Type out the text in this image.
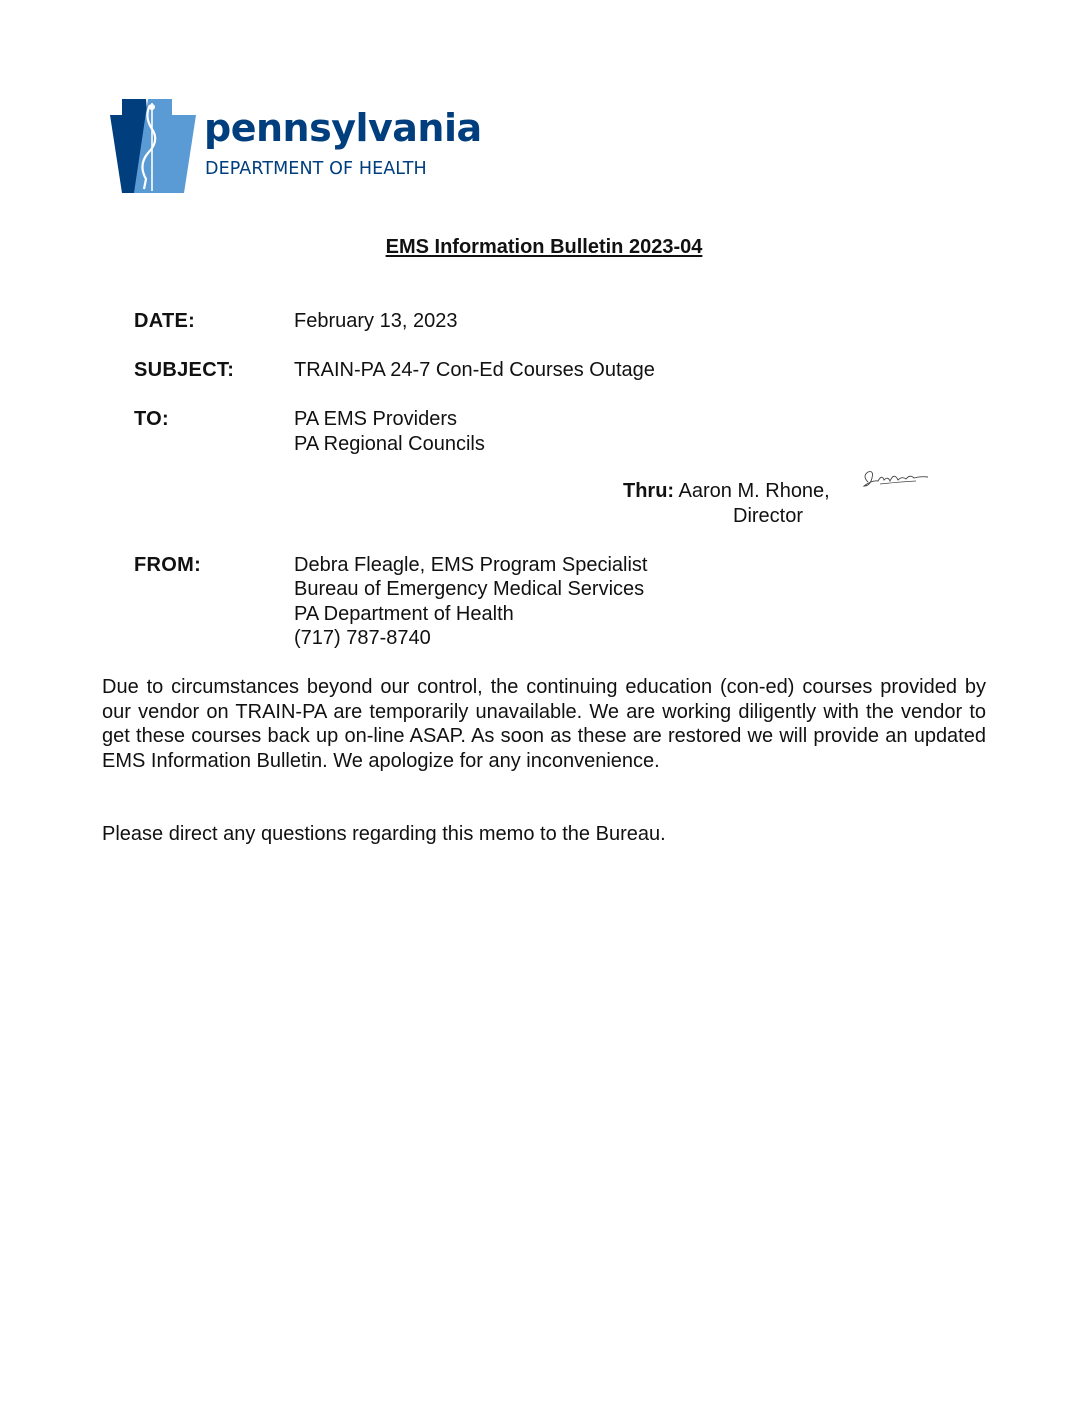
pennsylvania
DEPARTMENT OF HEALTH
EMS Information Bulletin 2023-04
DATE:	February 13, 2023
SUBJECT:	TRAIN-PA 24-7 Con-Ed Courses Outage
TO:	PA EMS Providers
PA Regional Councils
Thru: Aaron M. Rhone,
Director
FROM:	Debra Fleagle, EMS Program Specialist
Bureau of Emergency Medical Services
PA Department of Health
(717) 787-8740
Due to circumstances beyond our control, the continuing education (con-ed) courses provided by our vendor on TRAIN-PA are temporarily unavailable. We are working diligently with the vendor to get these courses back up on-line ASAP. As soon as these are restored we will provide an updated EMS Information Bulletin. We apologize for any inconvenience.
Please direct any questions regarding this memo to the Bureau.
